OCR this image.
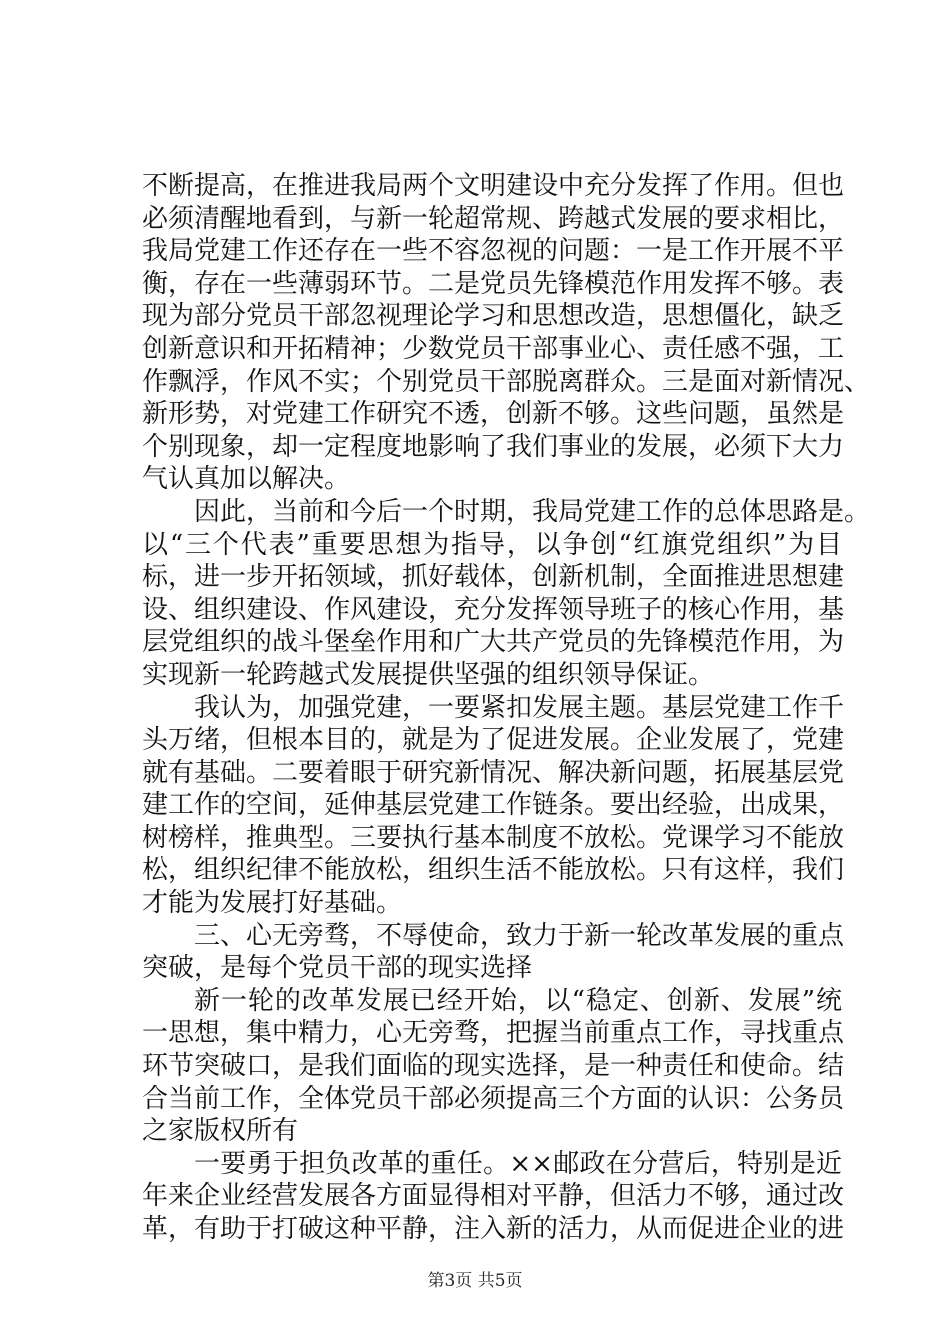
不断提高，在推进我局两个文明建设中充分发挥了作用。但也
必须清醒地看到，与新一轮超常规、跨越式发展的要求相比，
我局党建工作还存在一些不容忽视的问题：一是工作开展不平
衡，存在一些薄弱环节。二是党员先锋模范作用发挥不够。表
现为部分党员干部忽视理论学习和思想改造，思想僵化，缺乏
创新意识和开拓精神；少数党员干部事业心、责任感不强，工
作飘浮，作风不实；个别党员干部脱离群众。三是面对新情况、
新形势，对党建工作研究不透，创新不够。这些问题，虽然是
个别现象，却一定程度地影响了我们事业的发展，必须下大力
气认真加以解决。
因此，当前和今后一个时期，我局党建工作的总体思路是。
以“三个代表”重要思想为指导，以争创“红旗党组织”为目
标，进一步开拓领域，抓好载体，创新机制，全面推进思想建
设、组织建设、作风建设，充分发挥领导班子的核心作用，基
层党组织的战斗堡垒作用和广大共产党员的先锋模范作用，为
实现新一轮跨越式发展提供坚强的组织领导保证。
我认为，加强党建，一要紧扣发展主题。基层党建工作千
头万绪，但根本目的，就是为了促进发展。企业发展了，党建
就有基础。二要着眼于研究新情况、解决新问题，拓展基层党
建工作的空间，延伸基层党建工作链条。要出经验，出成果，
树榜样，推典型。三要执行基本制度不放松。党课学习不能放
松，组织纪律不能放松，组织生活不能放松。只有这样，我们
才能为发展打好基础。
三、心无旁骛，不辱使命，致力于新一轮改革发展的重点
突破，是每个党员干部的现实选择
新一轮的改革发展已经开始，以“稳定、创新、发展”统
一思想，集中精力，心无旁骛，把握当前重点工作，寻找重点
环节突破口，是我们面临的现实选择，是一种责任和使命。结
合当前工作，全体党员干部必须提高三个方面的认识：公务员
之家版权所有
一要勇于担负改革的重任。××邮政在分营后，特别是近
年来企业经营发展各方面显得相对平静，但活力不够，通过改
革，有助于打破这种平静，注入新的活力，从而促进企业的进
第3页 共5页
